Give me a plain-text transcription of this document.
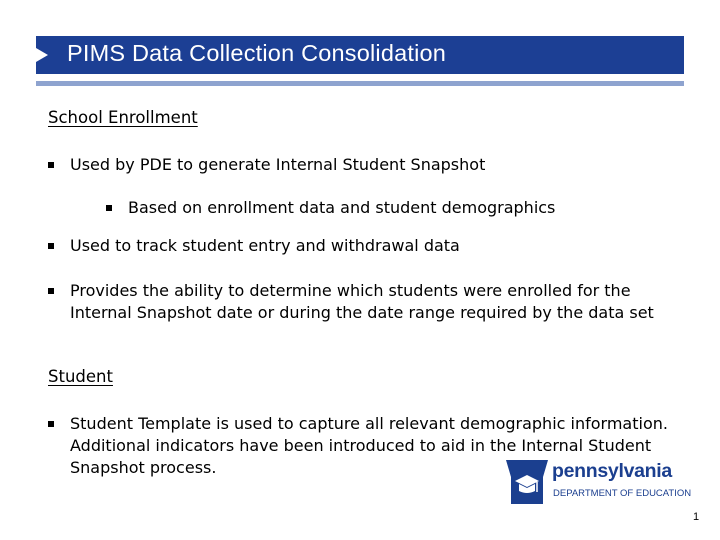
PIMS Data Collection Consolidation
School Enrollment
Used by PDE to generate Internal Student Snapshot
Based on enrollment data and student demographics
Used to track student entry and withdrawal data
Provides the ability to determine which students were enrolled for the Internal Snapshot date or during the date range required by the data set
Student
Student Template is used to capture all relevant demographic information. Additional indicators have been introduced to aid in the Internal Student Snapshot process.	pennsylvania
DEPARTMENT OF EDUCATION
1
